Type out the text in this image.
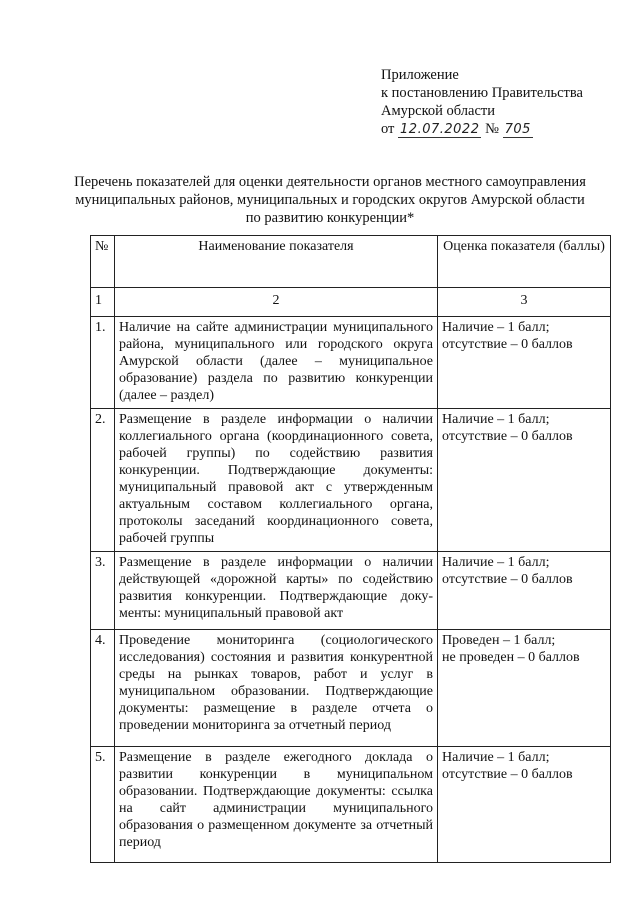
Приложение
к постановлению Правительства
Амурской области
от 12.07.2022 № 705
Перечень показателей для оценки деятельности органов местного самоуправления муниципальных районов, муниципальных и городских округов Амурской области по развитию конкуренции*
№	Наименование показателя	Оценка показателя (баллы)
1	2	3
1.	Наличие на сайте администрации муниципального района, муниципального или городского округа Амурской области (далее – муниципальное образование) раздела по развитию конкуренции (далее – раздел)	Наличие – 1 балл;
отсутствие – 0 баллов

2.	Размещение в разделе информации о наличии коллегиального органа (координационного совета, рабочей группы) по содействию развития конкуренции. Подтверждающие документы: муниципальный правовой акт с утвержденным актуальным составом коллегиального органа, протоколы заседаний координационного совета, рабочей группы	Наличие – 1 балл;
отсутствие – 0 баллов

3.	Размещение в разделе информации о наличии действующей «дорожной карты» по содействию развития конкуренции. Подтверждающие доку-менты: муниципальный правовой акт	Наличие – 1 балл;
отсутствие – 0 баллов

4.	Проведение мониторинга (социологического исследования) состояния и развития конкурентной среды на рынках товаров, работ и услуг в муниципальном образовании. Подтверждающие документы: размещение в разделе отчета о проведении мониторинга за отчетный период	Проведен – 1 балл;
не проведен – 0 баллов

5.	Размещение в разделе ежегодного доклада о развитии конкуренции в муниципальном образовании. Подтверждающие документы: ссылка на сайт администрации муниципального образования о размещенном документе за отчетный период	Наличие – 1 балл;
отсутствие – 0 баллов
